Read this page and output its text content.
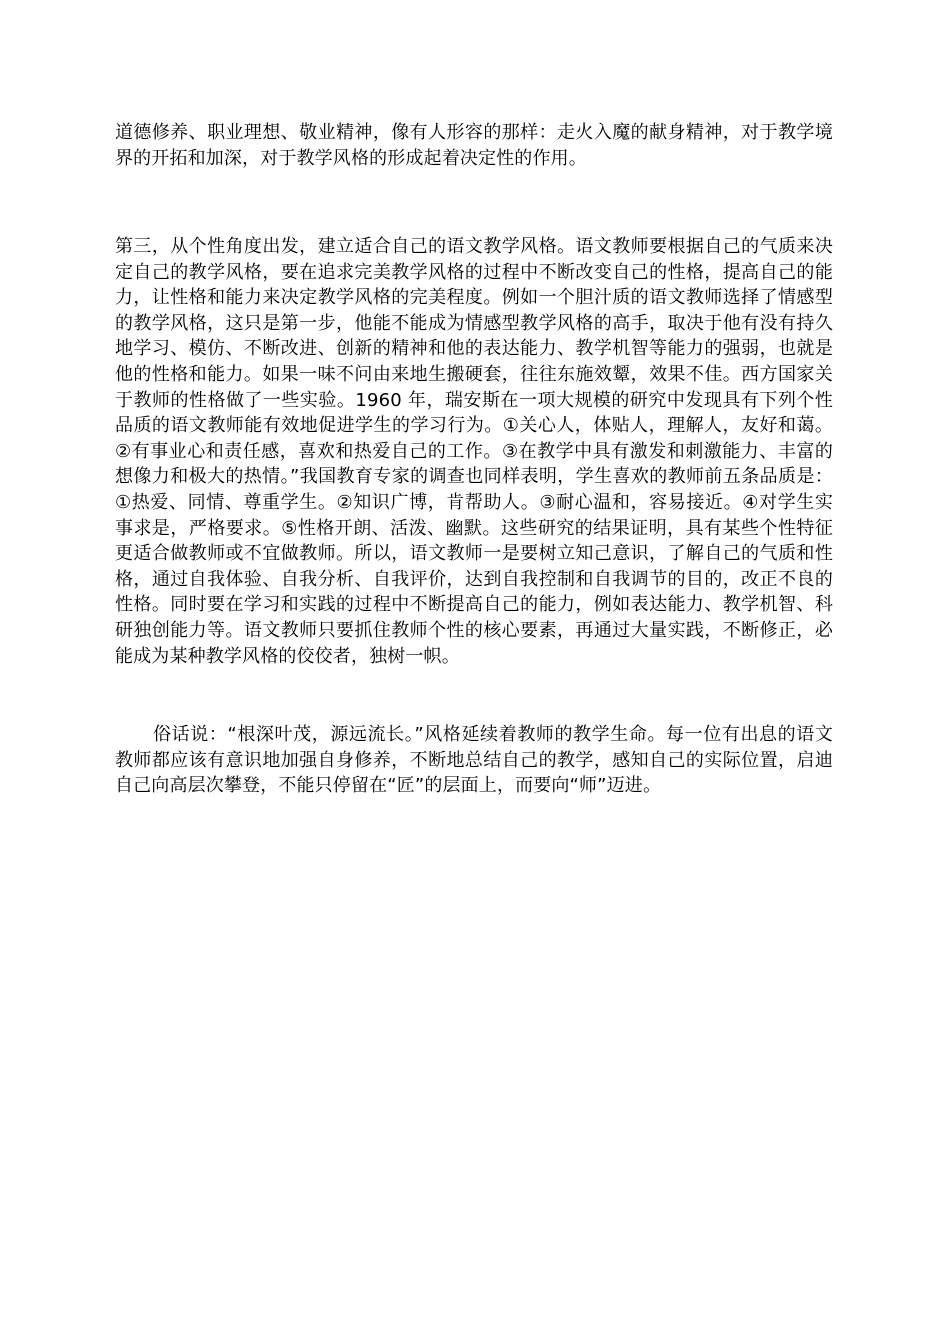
道德修养、职业理想、敬业精神，像有人形容的那样：走火入魔的献身精神，对于教学境界的开拓和加深，对于教学风格的形成起着决定性的作用。

第三，从个性角度出发，建立适合自己的语文教学风格。语文教师要根据自己的气质来决定自己的教学风格，要在追求完美教学风格的过程中不断改变自己的性格，提高自己的能力，让性格和能力来决定教学风格的完美程度。例如一个胆汁质的语文教师选择了情感型的教学风格，这只是第一步，他能不能成为情感型教学风格的高手，取决于他有没有持久地学习、模仿、不断改进、创新的精神和他的表达能力、教学机智等能力的强弱，也就是他的性格和能力。如果一味不问由来地生搬硬套，往往东施效颦，效果不佳。西方国家关于教师的性格做了一些实验。1960 年，瑞安斯在一项大规模的研究中发现具有下列个性品质的语文教师能有效地促进学生的学习行为。①关心人，体贴人，理解人，友好和蔼。②有事业心和责任感，喜欢和热爱自己的工作。③在教学中具有激发和刺激能力、丰富的想像力和极大的热情。”我国教育专家的调查也同样表明，学生喜欢的教师前五条品质是：①热爱、同情、尊重学生。②知识广博，肯帮助人。③耐心温和，容易接近。④对学生实事求是，严格要求。⑤性格开朗、活泼、幽默。这些研究的结果证明，具有某些个性特征更适合做教师或不宜做教师。所以，语文教师一是要树立知己意识，了解自己的气质和性格，通过自我体验、自我分析、自我评价，达到自我控制和自我调节的目的，改正不良的性格。同时要在学习和实践的过程中不断提高自己的能力，例如表达能力、教学机智、科研独创能力等。语文教师只要抓住教师个性的核心要素，再通过大量实践，不断修正，必能成为某种教学风格的佼佼者，独树一帜。

俗话说：“根深叶茂，源远流长。”风格延续着教师的教学生命。每一位有出息的语文教师都应该有意识地加强自身修养，不断地总结自己的教学，感知自己的实际位置，启迪自己向高层次攀登，不能只停留在“匠”的层面上，而要向“师”迈进。
